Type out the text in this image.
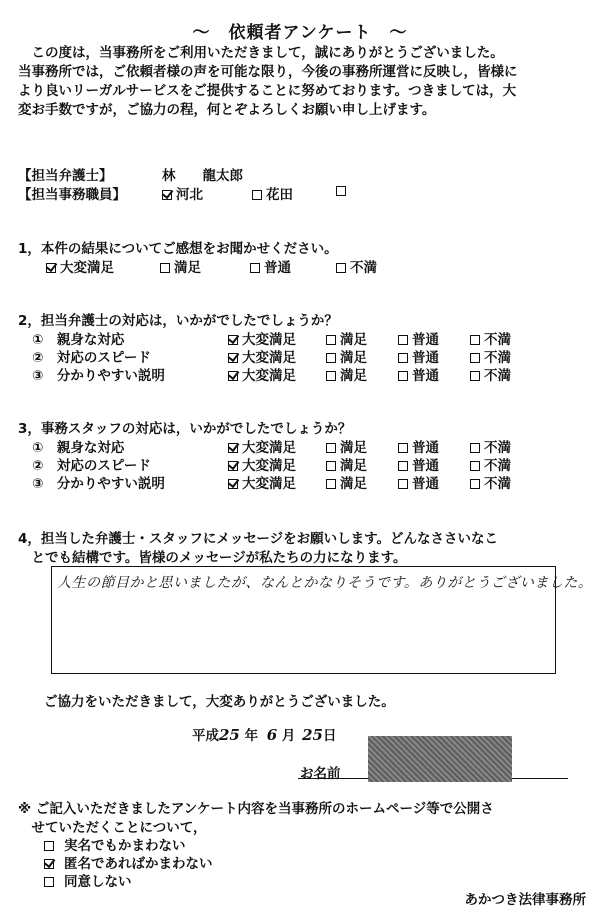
〜　依頼者アンケート　〜
　この度は，当事務所をご利用いただきまして，誠にありがとうございました。
当事務所では，ご依頼者様の声を可能な限り，今後の事務所運営に反映し，皆様に
より良いリーガルサービスをご提供することに努めております。つきましては，大
変お手数ですが，ご協力の程，何とぞよろしくお願い申し上げます。
【担当弁護士】	林　　龍太郎
【担当事務職員】	河北	花田
1，本件の結果についてご感想をお聞かせください。
大変満足	満足	普通	不満
2，担当弁護士の対応は，いかがでしたでしょうか？
①　親身な対応	大変満足	満足	普通	不満
②　対応のスピード	大変満足	満足	普通	不満
③　分かりやすい説明	大変満足	満足	普通	不満
3，事務スタッフの対応は，いかがでしたでしょうか？
①　親身な対応	大変満足	満足	普通	不満
②　対応のスピード	大変満足	満足	普通	不満
③　分かりやすい説明	大変満足	満足	普通	不満
4，担当した弁護士・スタッフにメッセージをお願いします。どんなささいなこ
　とでも結構です。皆様のメッセージが私たちの力になります。
人生の節目かと思いましたが、なんとかなりそうです。ありがとうございました。
ご協力をいただきまして，大変ありがとうございました。
平成25 年 6 月 25日
お名前
※ ご記入いただきましたアンケート内容を当事務所のホームページ等で公開さ
　せていただくことについて，
実名でもかまわない
匿名であればかまわない
同意しない
あかつき法律事務所
